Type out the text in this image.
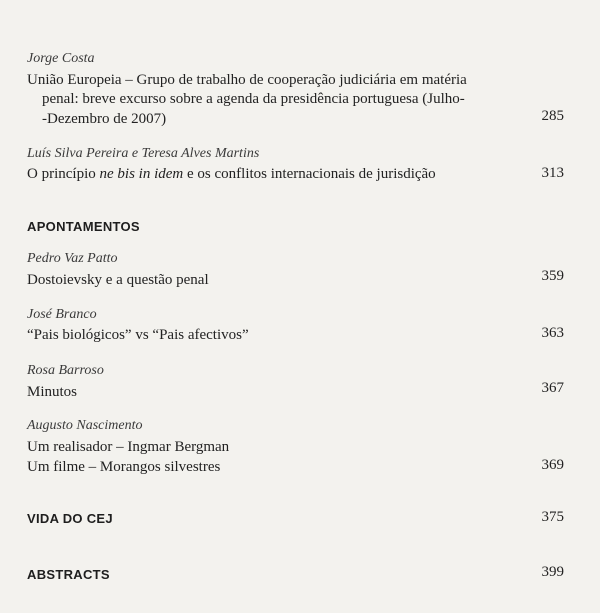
Jorge Costa
União Europeia – Grupo de trabalho de cooperação judiciária em matéria
penal: breve excurso sobre a agenda da presidência portuguesa (Julho-
-Dezembro de 2007)	285
Luís Silva Pereira e Teresa Alves Martins
O princípio ne bis in idem e os conflitos internacionais de jurisdição	313
APONTAMENTOS
Pedro Vaz Patto
Dostoievsky e a questão penal	359
José Branco
“Pais biológicos” vs “Pais afectivos”	363
Rosa Barroso
Minutos	367
Augusto Nascimento
Um realisador – Ingmar Bergman
Um filme – Morangos silvestres	369
VIDA DO CEJ	375
ABSTRACTS	399
